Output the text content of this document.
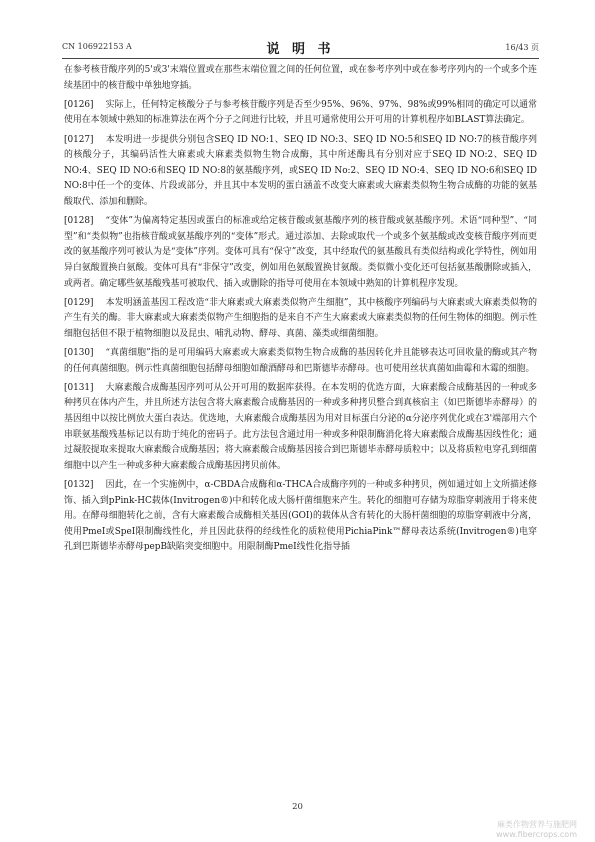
CN 106922153 A	说 明 书	16/43 页

在参考核苷酸序列的5'或3'末端位置或在那些末端位置之间的任何位置，或在参考序列中或在参考序列内的一个或多个连续基团中的核苷酸中单独地穿插。

[0126] 实际上，任何特定核酸分子与参考核苷酸序列是否至少95%、96%、97%、98%或99%相同的确定可以通常使用在本领域中熟知的标准算法在两个分子之间进行比较，并且可通常使用公开可用的计算机程序如BLAST算法确定。

[0127] 本发明进一步提供分别包含SEQ ID NO:1、SEQ ID NO:3、SEQ ID NO:5和SEQ ID NO:7的核苷酸序列的核酸分子，其编码活性大麻素或大麻素类似物生物合成酶，其中所述酶具有分别对应于SEQ ID NO:2、SEQ ID NO:4、SEQ ID NO:6和SEQ ID NO:8的氨基酸序列，或SEQ ID No:2、SEQ ID NO:4、SEQ ID NO:6和SEQ ID NO:8中任一个的变体、片段或部分，并且其中本发明的蛋白涵盖不改变大麻素或大麻素类似物生物合成酶的功能的氨基酸取代、添加和删除。

[0128] “变体”为偏离特定基因或蛋白的标准或给定核苷酸或氨基酸序列的核苷酸或氨基酸序列。术语“同种型”、“同型”和“类似物”也指核苷酸或氨基酸序列的“变体”形式。通过添加、去除或取代一个或多个氨基酸或改变核苷酸序列而更改的氨基酸序列可被认为是“变体”序列。变体可具有“保守”改变，其中经取代的氨基酸具有类似结构或化学特性，例如用异白氨酸置换白氨酸。变体可具有“非保守”改变，例如用色氨酸置换甘氨酸。类似微小变化还可包括氨基酸删除或插入，或两者。确定哪些氨基酸残基可被取代、插入或删除的指导可使用在本领域中熟知的计算机程序发现。

[0129] 本发明涵盖基因工程改造“非大麻素或大麻素类似物产生细胞”，其中核酸序列编码与大麻素或大麻素类似物的产生有关的酶。非大麻素或大麻素类似物产生细胞指的是来自不产生大麻素或大麻素类似物的任何生物体的细胞。例示性细胞包括但不限于植物细胞以及昆虫、哺乳动物、酵母、真菌、藻类或细菌细胞。

[0130] “真菌细胞”指的是可用编码大麻素或大麻素类似物生物合成酶的基因转化并且能够表达可回收量的酶或其产物的任何真菌细胞。例示性真菌细胞包括酵母细胞如酿酒酵母和巴斯德毕赤酵母。也可使用丝状真菌如曲霉和木霉的细胞。

[0131] 大麻素酸合成酶基因序列可从公开可用的数据库获得。在本发明的优选方面，大麻素酸合成酶基因的一种或多种拷贝在体内产生，并且所述方法包含将大麻素酸合成酶基因的一种或多种拷贝整合到真核宿主（如巴斯德毕赤酵母）的基因组中以按比例放大蛋白表达。优选地，大麻素酸合成酶基因为用对目标蛋白分泌的α分泌序列优化或在3'端部用六个串联氨基酸残基标记以有助于纯化的密码子。此方法包含通过用一种或多种限制酶消化将大麻素酸合成酶基因线性化；通过凝胶提取来提取大麻素酸合成酶基因；将大麻素酸合成酶基因接合到巴斯德毕赤酵母质粒中；以及将质粒电穿孔到细菌细胞中以产生一种或多种大麻素酸合成酶基因拷贝前体。

[0132] 因此，在一个实施例中，α-CBDA合成酶和α-THCA合成酶序列的一种或多种拷贝，例如通过如上文所描述修饰、插入到pPink-HC载体(Invitrogen®)中和转化成大肠杆菌细胞来产生。转化的细胞可存储为琼脂穿刺液用于将来使用。在酵母细胞转化之前，含有大麻素酸合成酶相关基因(GOI)的载体从含有转化的大肠杆菌细胞的琼脂穿刺液中分离，使用PmeI或SpeI限制酶线性化，并且因此获得的经线性化的质粒使用PichiaPink™酵母表达系统(Invitrogen®)电穿孔到巴斯德毕赤酵母pepB缺陷突变细胞中。用限制酶PmeI线性化指导插

20
麻类作物营养与施肥网
www.fibercrops.com
